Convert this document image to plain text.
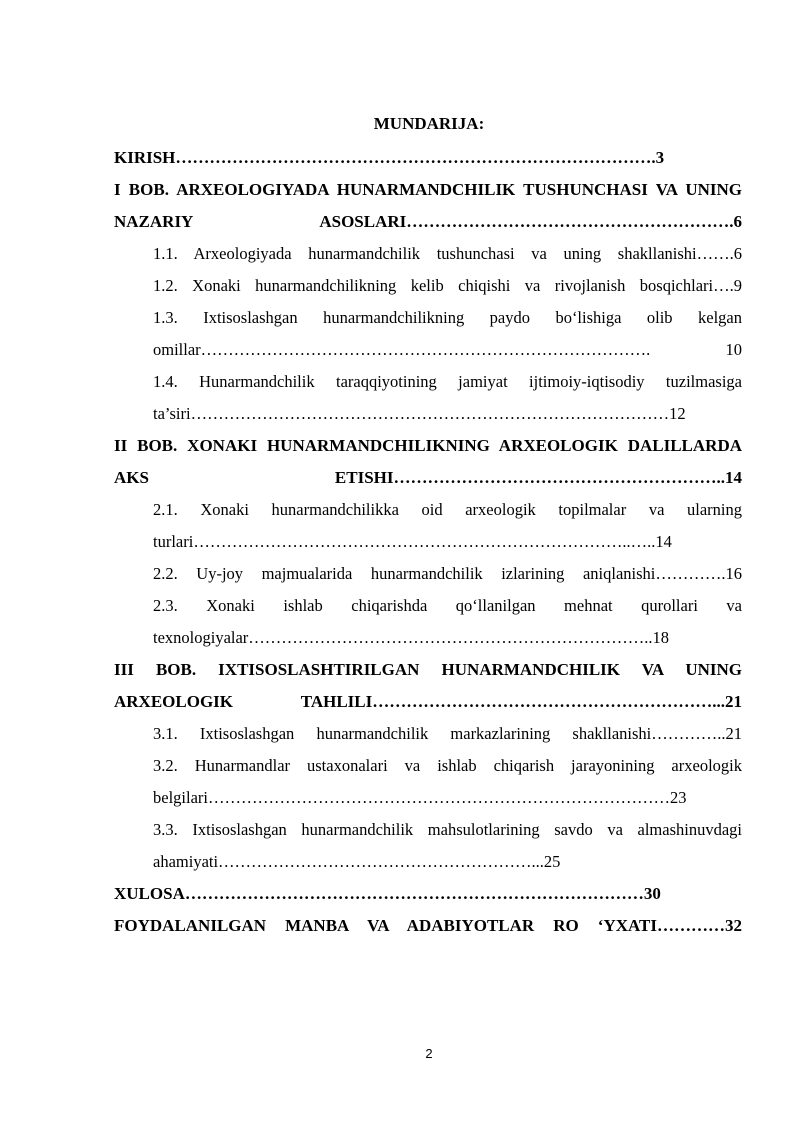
MUNDARIJA:
KIRISH………………………………………………………………………….3
I BOB. ARXEOLOGIYADA HUNARMANDCHILIK TUSHUNCHASI VA UNING NAZARIY ASOSLARI………………………………………………….6
1.1. Arxeologiyada hunarmandchilik tushunchasi va uning shakllanishi…….6
1.2. Xonaki hunarmandchilikning kelib chiqishi va rivojlanish bosqichlari….9
1.3. Ixtisoslashgan hunarmandchilikning paydo bo‘lishiga olib kelgan omillar………………………………………………………………………. 10
1.4. Hunarmandchilik taraqqiyotining jamiyat ijtimoiy-iqtisodiy tuzilmasiga ta’siri……………………………………………………………………………12
II BOB. XONAKI HUNARMANDCHILIKNING ARXEOLOGIK DALILLARDA AKS ETISHI…………………………………………………..14
2.1. Xonaki hunarmandchilikka oid arxeologik topilmalar va ularning turlari……………………………………………………………………..…..14
2.2. Uy-joy majmualarida hunarmandchilik izlarining aniqlanishi………….16
2.3. Xonaki ishlab chiqarishda qo‘llanilgan mehnat qurollari va texnologiyalar………………………………………………………………..18
III BOB. IXTISOSLASHTIRILGAN HUNARMANDCHILIK VA UNING ARXEOLOGIK TAHLILI……………………………………………………...21
3.1. Ixtisoslashgan hunarmandchilik markazlarining shakllanishi…………..21
3.2. Hunarmandlar ustaxonalari va ishlab chiqarish jarayonining arxeologik belgilari…………………………………………………………………………23
3.3. Ixtisoslashgan hunarmandchilik mahsulotlarining savdo va almashinuvdagi ahamiyati…………………………………………………...25
XULOSA………………………………………………………………………30
FOYDALANILGAN MANBA VA ADABIYOTLAR RO ‘YXATI…………32
2
